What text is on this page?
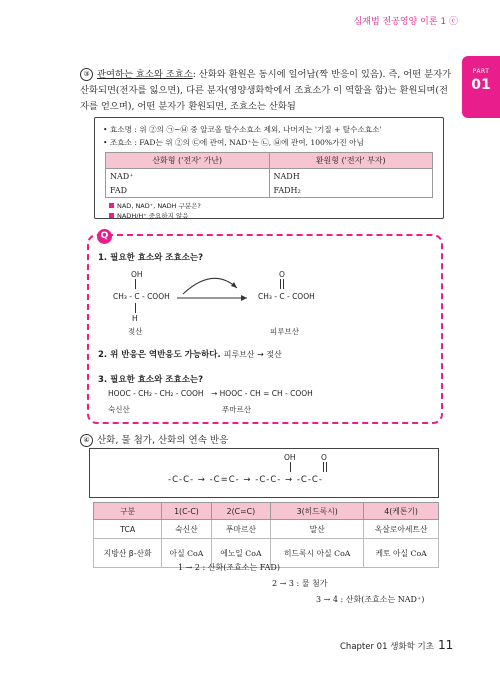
심재범 전공영양 이론 1 ⓒ
PART
01
③ 관여하는 효소와 조효소: 산화와 환원은 동시에 일어남(짝 반응이 있음). 즉, 어떤 분자가 산화되면(전자를 잃으면), 다른 분자(영양생화학에서 조효소가 이 역할을 함)는 환원되며(전자를 얻으며), 어떤 분자가 환원되면, 조효소는 산화됨
• 효소명 : 위 ②의 ㉠~㉥ 중 알코올 탈수소효소 제외, 나머지는 '기질 + 탈수소효소'
• 조효소 : FAD는 위 ②의 ㉢에 관여, NAD⁺는 ㉡, ㉥에 관여, 100%가진 아님
산화형 ('전자' 가난)	환원형 ('전자' 부자)
NAD⁺	NADH
FAD	FADH₂
NAD, NAD⁺, NADH 구분은?
NADH/H⁺ 중요하지 않음
Q
1. 필요한 효소와 조효소는?
OH
CH₃ - C - COOH
H
젖산
O
CH₃ - C - COOH
피루브산
2. 위 반응은 역반응도 가능하다. 피루브산 → 젖산
3. 필요한 효소와 조효소는?
HOOC - CH₂ - CH₂ - COOH
숙신산
→ HOOC - CH = CH - COOH
푸마르산
④ 산화, 물 첨가, 산화의 연속 반응
OH	O
-C-C- → -C=C- → -C-C- → -C-C-
구분	1(C-C)	2(C=C)	3(히드록시)	4(케톤기)
TCA	숙신산	푸마르산	말산	옥살로아세트산
지방산 β-산화	아실 CoA	에노일 CoA	히드록시 아실 CoA	케토 아실 CoA
1 → 2 : 산화(조효소는 FAD)
2 → 3 : 물 첨가
3 → 4 : 산화(조효소는 NAD⁺)
Chapter 01 생화학 기초 11
